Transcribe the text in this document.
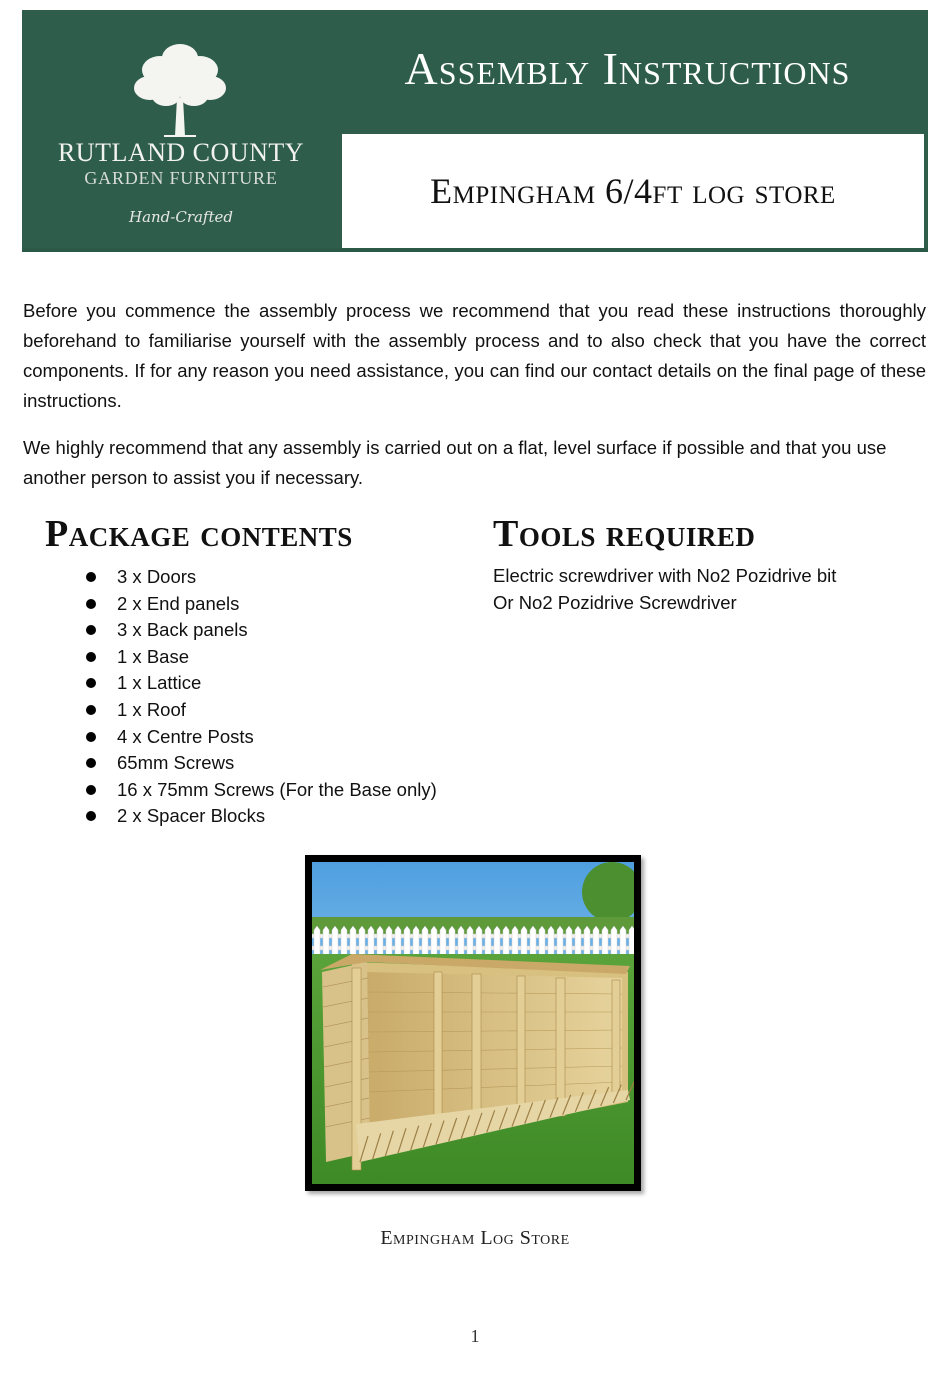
RUTLAND COUNTY
GARDEN FURNITURE
Hand-Crafted
Assembly Instructions
Empingham 6/4ft log store

Before you commence the assembly process we recommend that you read these instructions thoroughly beforehand to familiarise yourself with the assembly process and to also check that you have the correct components. If for any reason you need assistance, you can find our contact details on the final page of these instructions.

We highly recommend that any assembly is carried out on a flat, level surface if possible and that you use another person to assist you if necessary.

Package contents
3 x Doors
2 x End panels
3 x Back panels
1 x Base
1 x Lattice
1 x Roof
4 x Centre Posts
65mm Screws
16 x 75mm Screws (For the Base only)
2 x Spacer Blocks
Tools required
Electric screwdriver with No2 Pozidrive bit
Or No2 Pozidrive Screwdriver
Empingham Log Store
1
